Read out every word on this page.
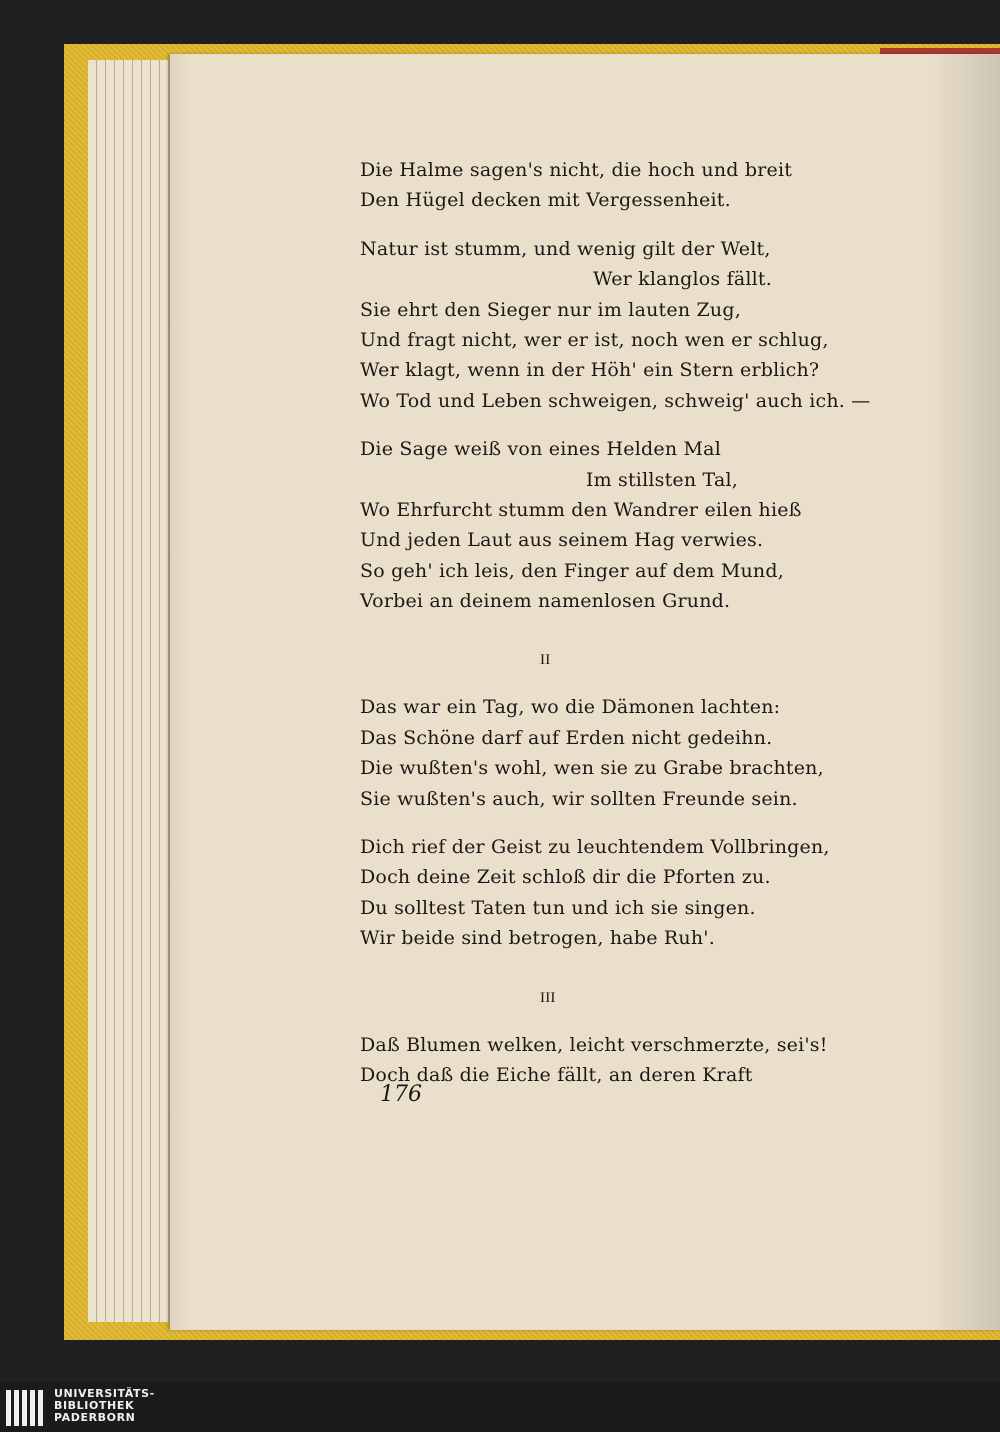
Die Halme sagen's nicht, die hoch und breit
Den Hügel decken mit Vergessenheit.
Natur ist stumm, und wenig gilt der Welt,
Wer klanglos fällt.
Sie ehrt den Sieger nur im lauten Zug,
Und fragt nicht, wer er ist, noch wen er schlug,
Wer klagt, wenn in der Höh' ein Stern erblich?
Wo Tod und Leben schweigen, schweig' auch ich. —
Die Sage weiß von eines Helden Mal
Im stillsten Tal,
Wo Ehrfurcht stumm den Wandrer eilen hieß
Und jeden Laut aus seinem Hag verwies.
So geh' ich leis, den Finger auf dem Mund,
Vorbei an deinem namenlosen Grund.
II
Das war ein Tag, wo die Dämonen lachten:
Das Schöne darf auf Erden nicht gedeihn.
Die wußten's wohl, wen sie zu Grabe brachten,
Sie wußten's auch, wir sollten Freunde sein.
Dich rief der Geist zu leuchtendem Vollbringen,
Doch deine Zeit schloß dir die Pforten zu.
Du solltest Taten tun und ich sie singen.
Wir beide sind betrogen, habe Ruh'.
III
Daß Blumen welken, leicht verschmerzte, sei's!
Doch daß die Eiche fällt, an deren Kraft
176
UNIVERSITÄTS-
BIBLIOTHEK
PADERBORN
